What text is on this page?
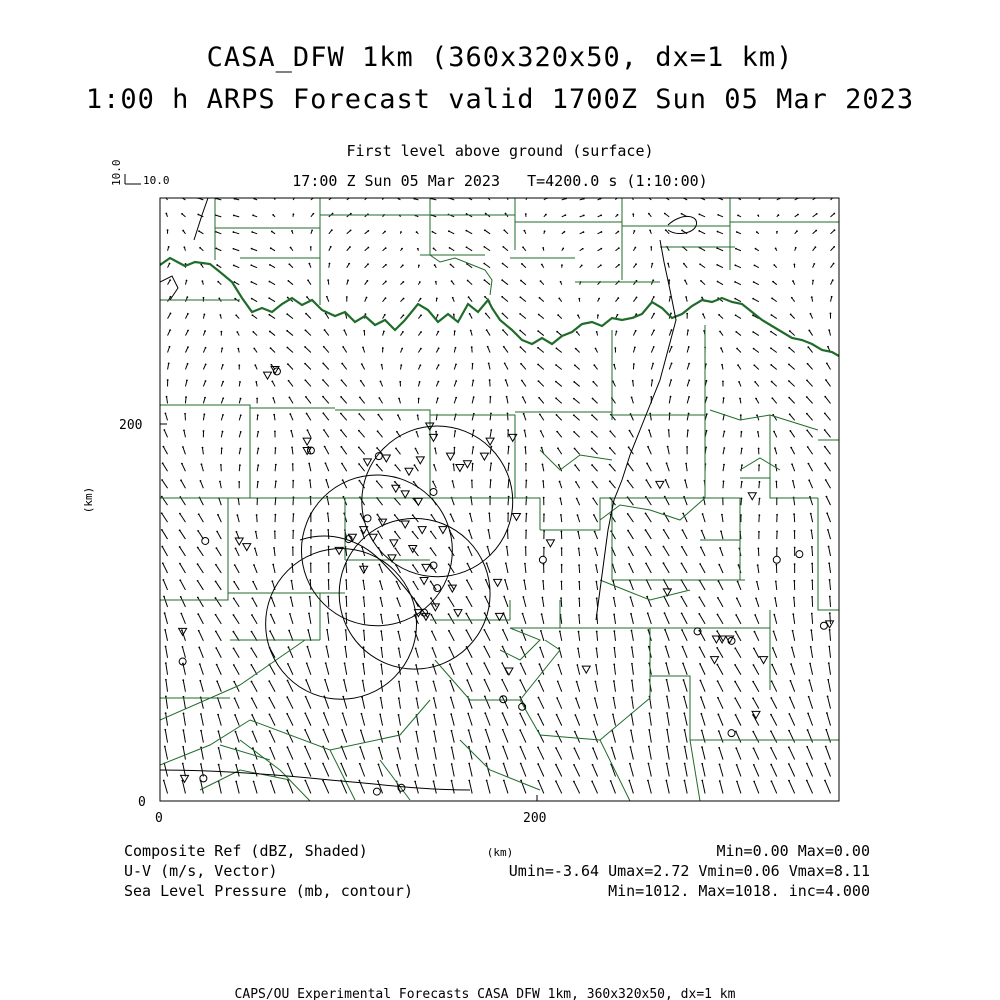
CASA_DFW 1km (360x320x50, dx=1 km)
1:00 h ARPS Forecast valid 1700Z Sun 05 Mar 2023
First level above ground (surface)
17:00 Z Sun 05 Mar 2023   T=4200.0 s (1:10:00)
10.0 10.0
0
200
0	200
(km)
(km)
Composite Ref (dBZ, Shaded)
U-V (m/s, Vector)
Sea Level Pressure (mb, contour)
Min=0.00 Max=0.00
Umin=-3.64 Umax=2.72 Vmin=0.06 Vmax=8.11
Min=1012. Max=1018. inc=4.000
CAPS/OU Experimental Forecasts CASA DFW 1km, 360x320x50, dx=1 km
